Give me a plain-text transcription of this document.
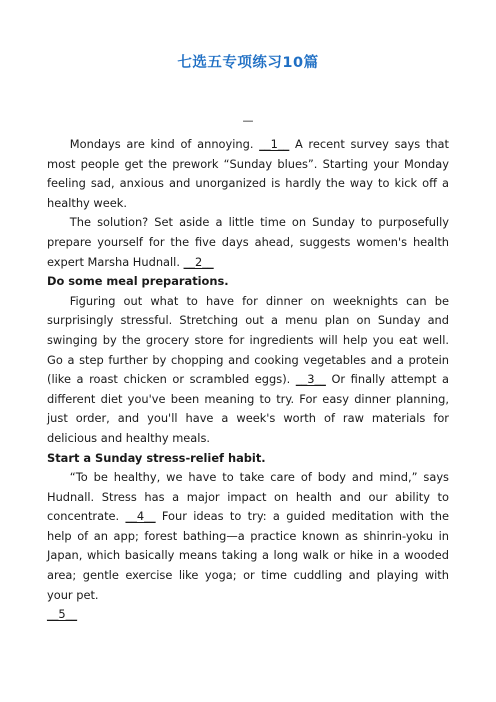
七选五专项练习10篇
—

Mondays are kind of annoying. __1__ A recent survey says that most people get the prework “Sunday blues”. Starting your Monday feeling sad, anxious and unorganized is hardly the way to kick off a healthy week.

The solution? Set aside a little time on Sunday to purposefully prepare yourself for the five days ahead, suggests women's health expert Marsha Hudnall. __2__

Do some meal preparations.

Figuring out what to have for dinner on weeknights can be surprisingly stressful. Stretching out a menu plan on Sunday and swinging by the grocery store for ingredients will help you eat well. Go a step further by chopping and cooking vegetables and a protein (like a roast chicken or scrambled eggs). __3__ Or finally attempt a different diet you've been meaning to try. For easy dinner planning, just order, and you'll have a week's worth of raw materials for delicious and healthy meals.

Start a Sunday stress-relief habit.

“To be healthy, we have to take care of body and mind,” says Hudnall. Stress has a major impact on health and our ability to concentrate. __4__ Four ideas to try: a guided meditation with the help of an app; forest bathing—a practice known as shinrin-yoku in Japan, which basically means taking a long walk or hike in a wooded area; gentle exercise like yoga; or time cuddling and playing with your pet.

__5__
